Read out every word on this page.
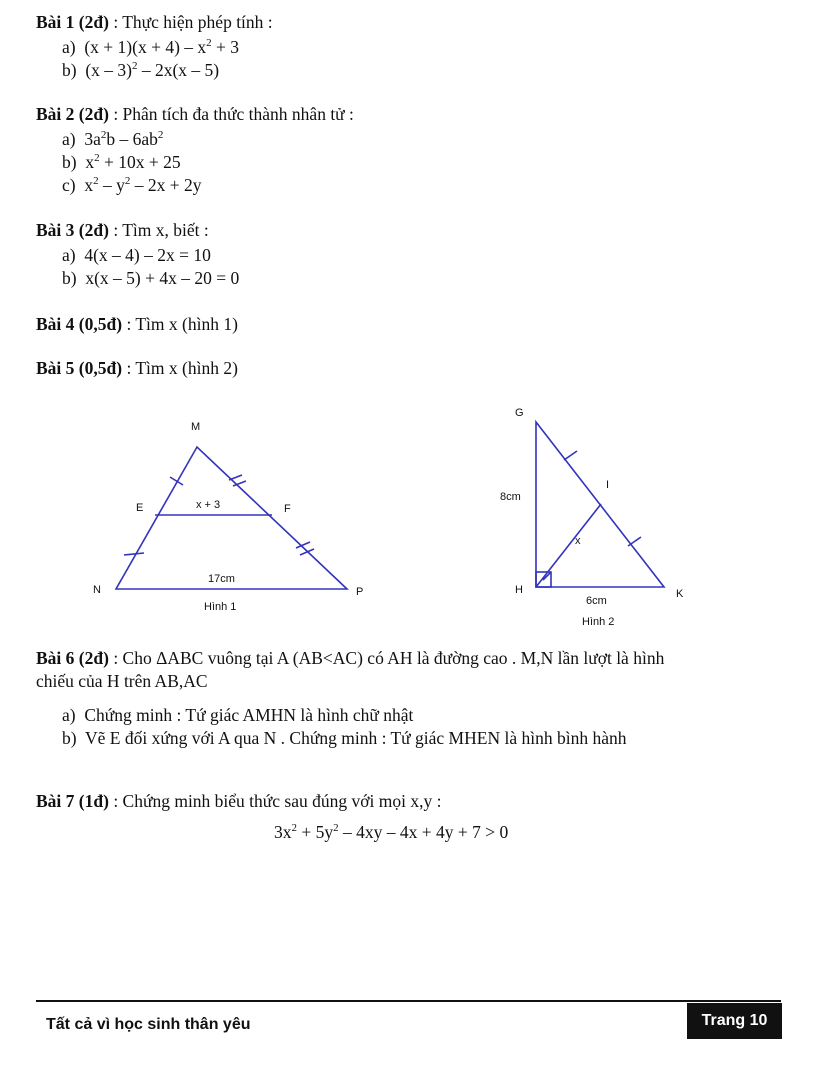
Bài 1 (2đ) : Thực hiện phép tính :
a) $(x + 1)(x + 4) - x^2 + 3$
b) (x – 3)$^2$ – 2x(x – 5)
Bài 2 (2đ) : Phân tích đa thức thành nhân tử :
a) $3a^2b - 6ab^2$
b) $x^2 + 10x + 25$
c) $x^2 - y^2 - 2x + 2y$
Bài 3 (2đ) : Tìm x, biết :
a) 4(x – 4) – 2x = 10
b) x(x – 5) + 4x – 20 = 0
Bài 4 (0,5đ) : Tìm x (hình 1)
Bài 5 (0,5đ) : Tìm x (hình 2)
M
E	F
N	P
x + 3
17cm
Hình 1
G
I
H	K
8cm
6cm
x
Hình 2
Bài 6 (2đ) : Cho ΔABC vuông tại A (AB<AC) có AH là đường cao . M,N lần lượt là hình
chiếu của H trên AB,AC
a) Chứng minh : Tứ giác AMHN là hình chữ nhật
b) Vẽ E đối xứng với A qua N . Chứng minh : Tứ giác MHEN là hình bình hành
Bài 7 (1đ) : Chứng minh biểu thức sau đúng với mọi x,y :
$3x^2 + 5y^2 - 4xy - 4x + 4y + 7 > 0$
Tất cả vì học sinh thân yêu	Trang 10
